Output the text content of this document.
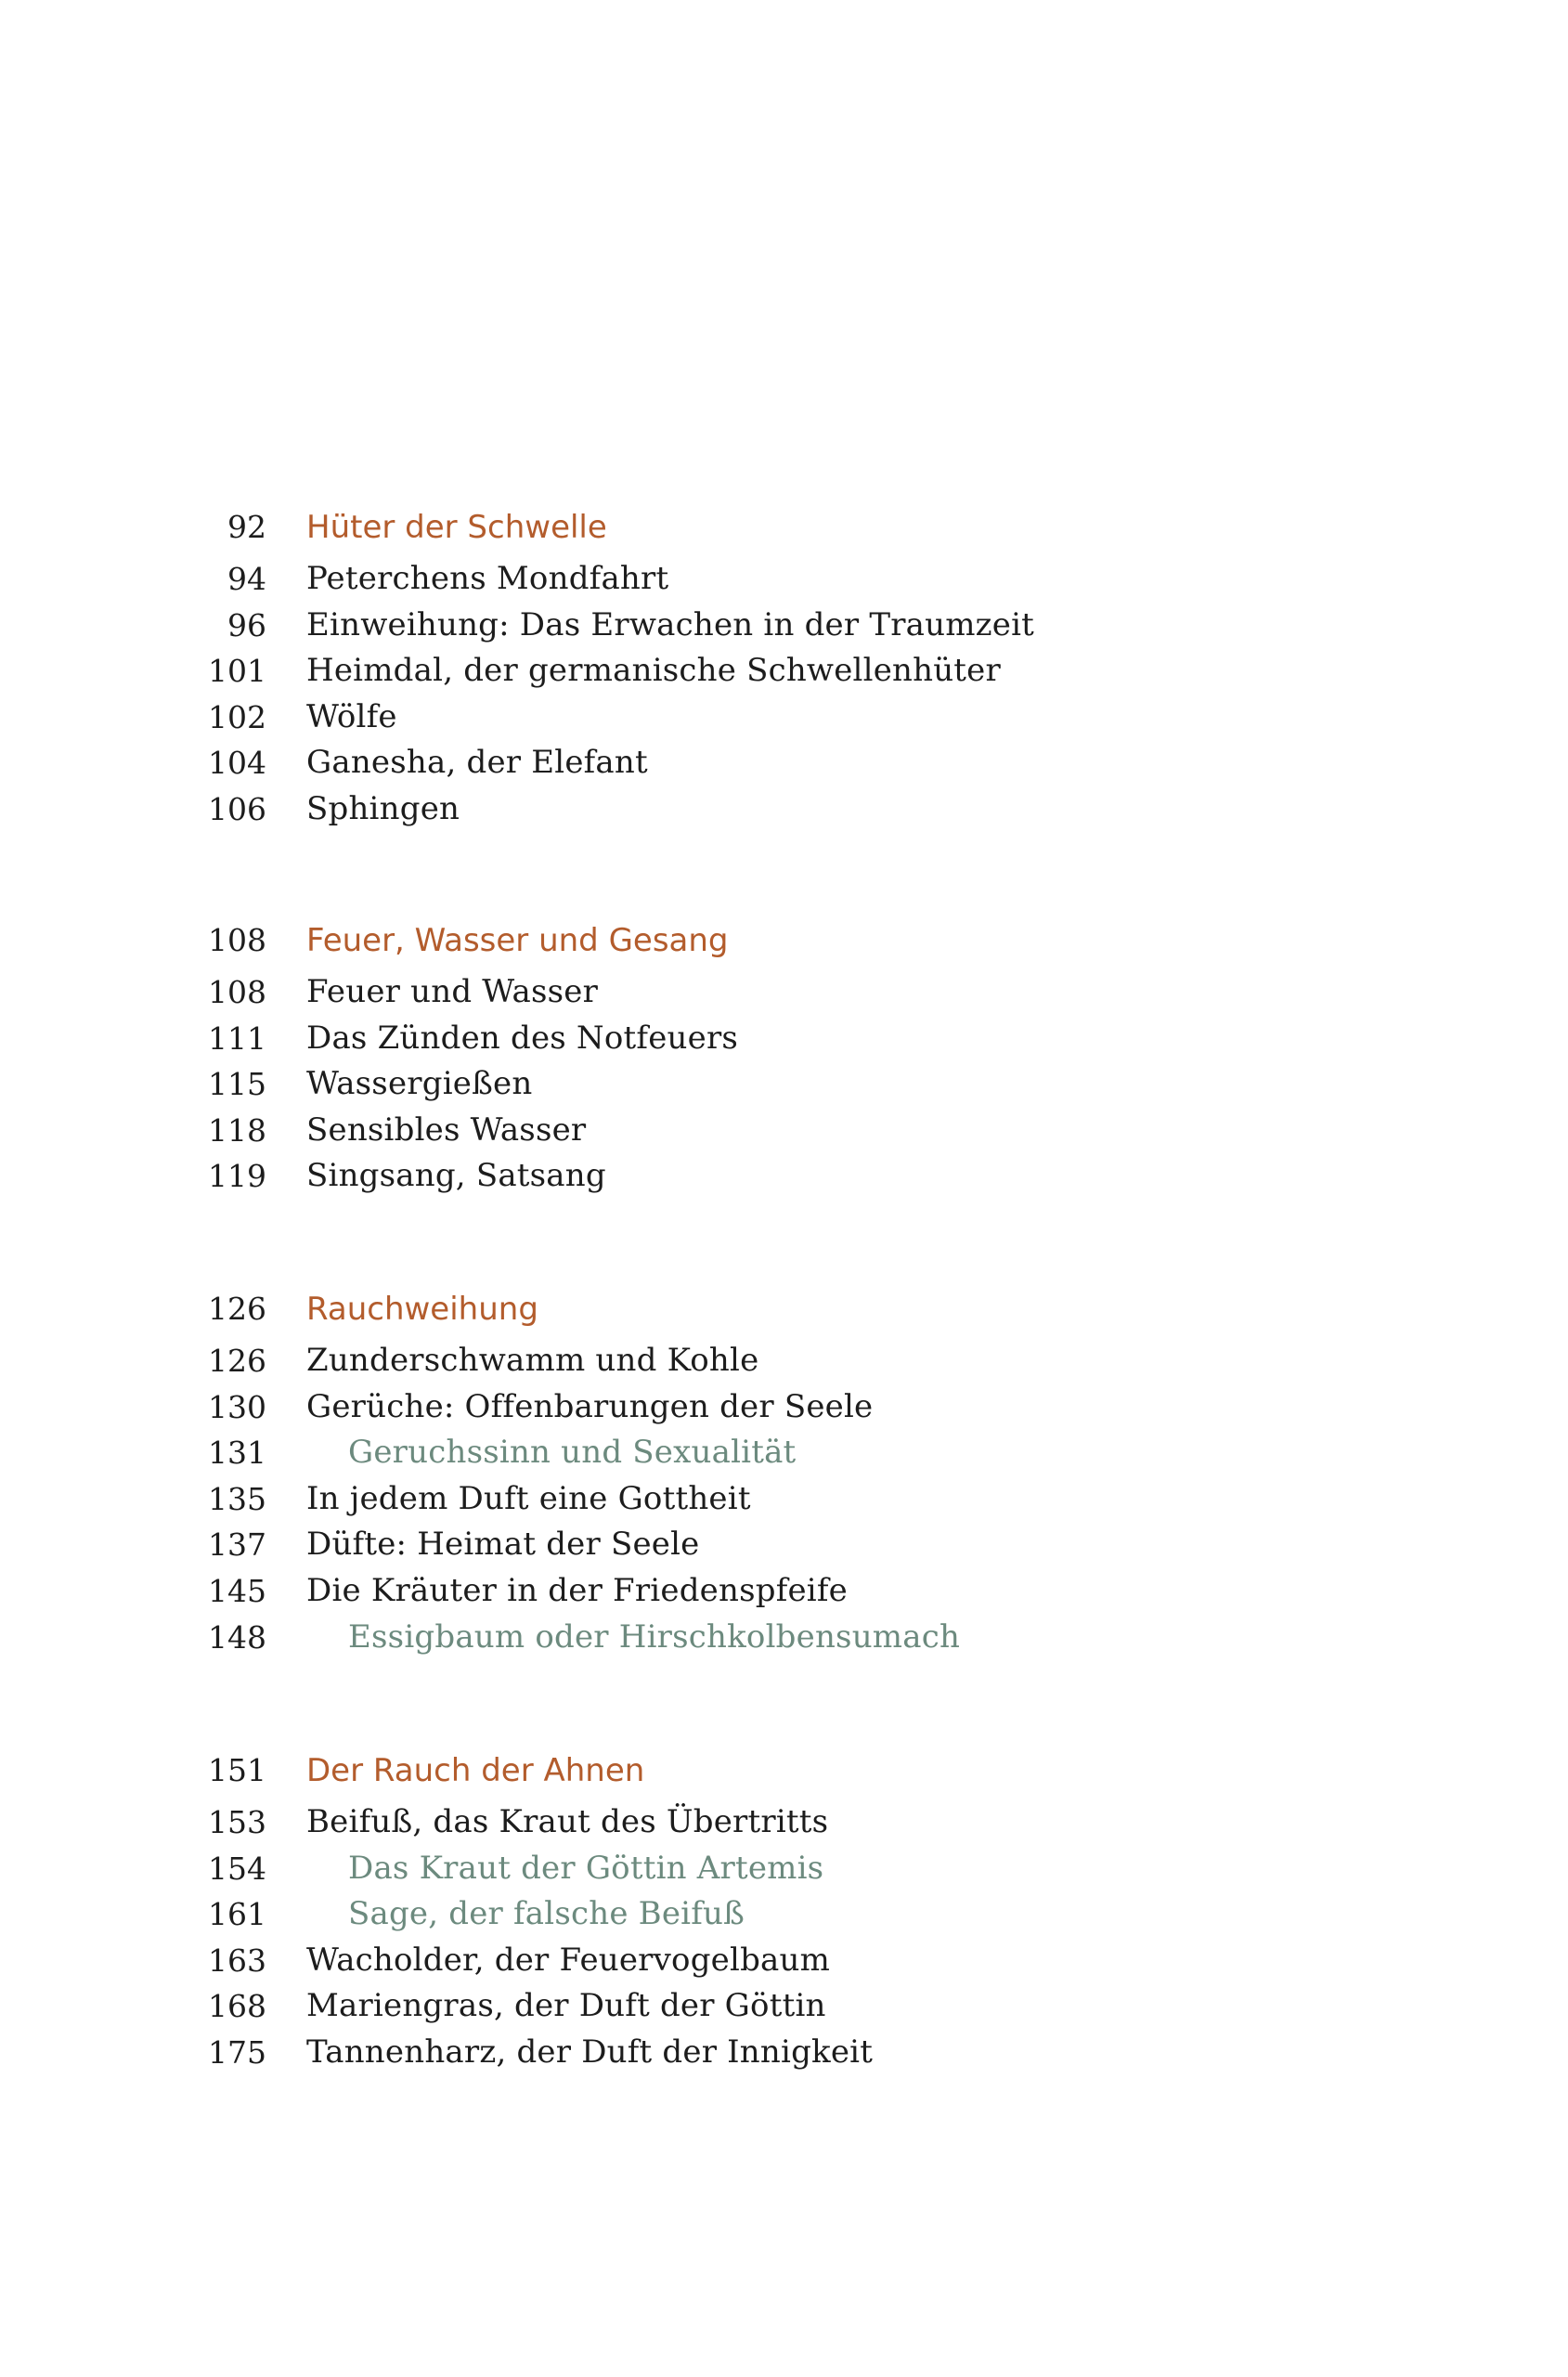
92 Hüter der Schwelle
94 Peterchens Mondfahrt
96 Einweihung: Das Erwachen in der Traumzeit
101 Heimdal, der germanische Schwellenhüter
102 Wölfe
104 Ganesha, der Elefant
106 Sphingen
108 Feuer, Wasser und Gesang
108 Feuer und Wasser
111 Das Zünden des Notfeuers
115 Wassergießen
118 Sensibles Wasser
119 Singsang, Satsang
126 Rauchweihung
126 Zunderschwamm und Kohle
130 Gerüche: Offenbarungen der Seele
131	Geruchssinn und Sexualität
135 In jedem Duft eine Gottheit
137 Düfte: Heimat der Seele
145 Die Kräuter in der Friedenspfeife
148	Essigbaum oder Hirschkolbensumach
151 Der Rauch der Ahnen
153 Beifuß, das Kraut des Übertritts
154	Das Kraut der Göttin Artemis
161	Sage, der falsche Beifuß
163 Wacholder, der Feuervogelbaum
168 Mariengras, der Duft der Göttin
175 Tannenharz, der Duft der Innigkeit
